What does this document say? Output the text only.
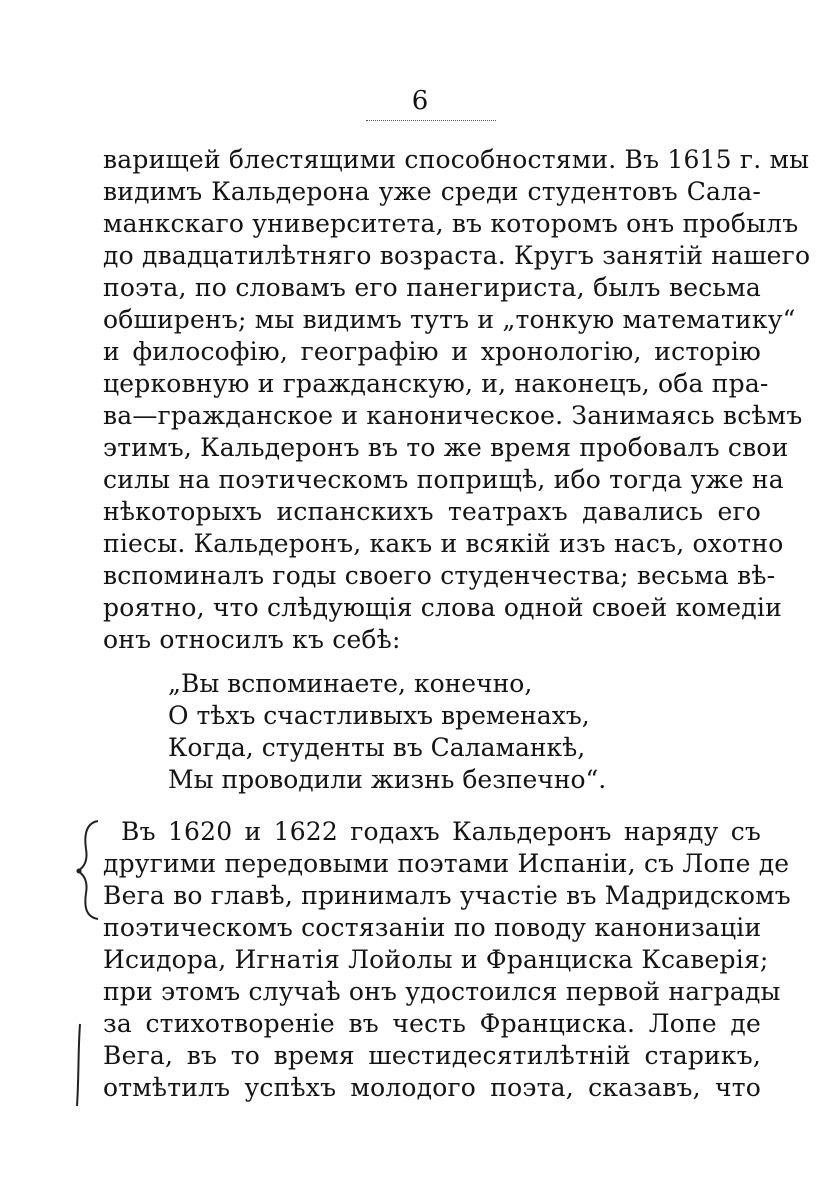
6
варищей блестящими способностями. Въ 1615 г. мы
видимъ Кальдерона уже среди студентовъ Сала-
манкскаго университета, въ которомъ онъ пробылъ
до двадцатилѣтняго возраста. Кругъ занятій нашего
поэта, по словамъ его панегириста, былъ весьма
обширенъ; мы видимъ тутъ и „тонкую математику“
и философію, географію и хронологію, исторію
церковную и гражданскую, и, наконецъ, оба пра-
ва—гражданское и каноническое. Занимаясь всѣмъ
этимъ, Кальдеронъ въ то же время пробовалъ свои
силы на поэтическомъ поприщѣ, ибо тогда уже на
нѣкоторыхъ испанскихъ театрахъ давались его
піесы. Кальдеронъ, какъ и всякій изъ насъ, охотно
вспоминалъ годы своего студенчества; весьма вѣ-
роятно, что слѣдующія слова одной своей комедіи
онъ относилъ къ себѣ:
„Вы вспоминаете, конечно,
О тѣхъ счастливыхъ временахъ,
Когда, студенты въ Саламанкѣ,
Мы проводили жизнь безпечно“.
Въ 1620 и 1622 годахъ Кальдеронъ наряду съ
другими передовыми поэтами Испаніи, съ Лопе де
Вега во главѣ, принималъ участіе въ Мадридскомъ
поэтическомъ состязаніи по поводу канонизаціи
Исидора, Игнатія Лойолы и Франциска Ксаверія;
при этомъ случаѣ онъ удостоился первой награды
за стихотвореніе въ честь Франциска. Лопе де
Вега, въ то время шестидесятилѣтній старикъ,
отмѣтилъ успѣхъ молодого поэта, сказавъ, что
